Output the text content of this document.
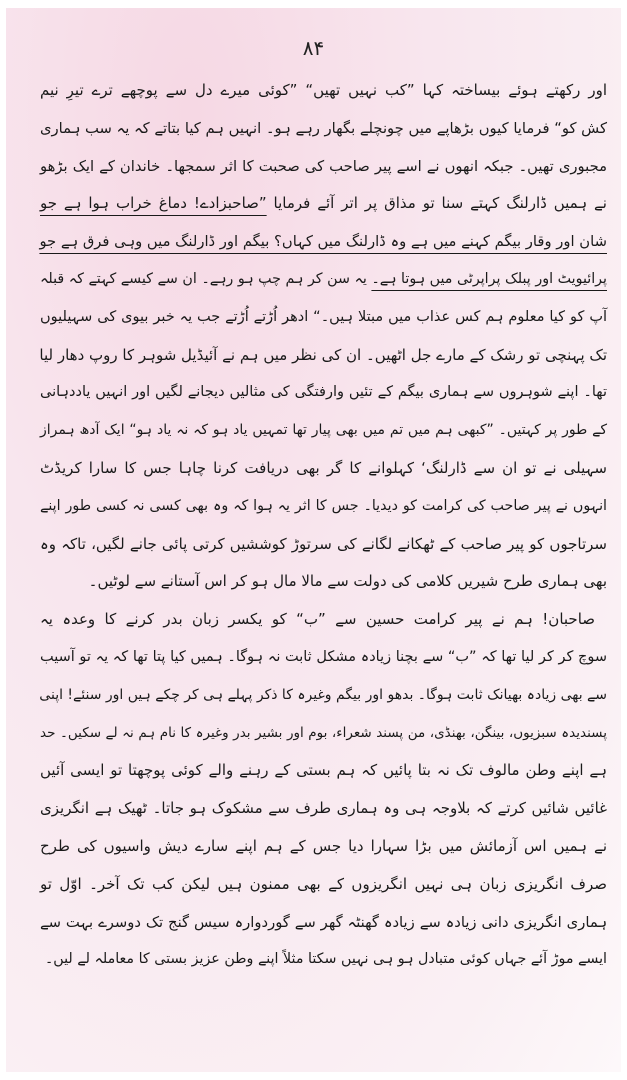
۸۴
اور رکھتے ہوئے بیساختہ کہا ”کب نہیں تھیں“ ”کوئی میرے دل سے پوچھے ترے تیرِ نیم
کش کو“ فرمایا کیوں بڑھاپے میں چونچلے بگھار رہے ہو۔ انہیں ہم کیا بتاتے کہ یہ سب ہماری
مجبوری تھیں۔ جبکہ انھوں نے اسے پیر صاحب کی صحبت کا اثر سمجھا۔ خاندان کے ایک بڑھو
نے ہمیں ڈارلنگ کہتے سنا تو مذاق پر اتر آئے فرمایا ”صاحبزادے! دماغ خراب ہوا ہے جو
شان اور وقار بیگم کہنے میں ہے وہ ڈارلنگ میں کہاں؟ بیگم اور ڈارلنگ میں وہی فرق ہے جو
پرائیویٹ اور پبلک پراپرٹی میں ہوتا ہے۔ یہ سن کر ہم چپ ہو رہے۔ ان سے کیسے کہتے کہ قبلہ
آپ کو کیا معلوم ہم کس عذاب میں مبتلا ہیں۔“ ادھر اُڑتے اُڑتے جب یہ خبر بیوی کی سہیلیوں
تک پہنچی تو رشک کے مارے جل اٹھیں۔ ان کی نظر میں ہم نے آئیڈیل شوہر کا روپ دھار لیا
تھا۔ اپنے شوہروں سے ہماری بیگم کے تئیں وارفتگی کی مثالیں دیجانے لگیں اور انہیں یاددہانی
کے طور پر کہتیں۔ ”کبھی ہم میں تم میں بھی پیار تھا تمہیں یاد ہو کہ نہ یاد ہو“ ایک آدھ ہمراز
سہیلی نے تو ان سے ڈارلنگ‘ کہلوانے کا گر بھی دریافت کرنا چاہا جس کا سارا کریڈٹ
انہوں نے پیر صاحب کی کرامت کو دیدیا۔ جس کا اثر یہ ہوا کہ وہ بھی کسی نہ کسی طور اپنے
سرتاجوں کو پیر صاحب کے ٹھکانے لگانے کی سرتوڑ کوششیں کرتی پائی جانے لگیں، تاکہ وہ
بھی ہماری طرح شیریں کلامی کی دولت سے مالا مال ہو کر اس آستانے سے لوٹیں۔
صاحبان! ہم نے پیر کرامت حسین سے ”ب“ کو یکسر زبان بدر کرنے کا وعدہ یہ
سوچ کر کر لیا تھا کہ ”ب“ سے بچنا زیادہ مشکل ثابت نہ ہوگا۔ ہمیں کیا پتا تھا کہ یہ تو آسیب
سے بھی زیادہ بھیانک ثابت ہوگا۔ بدھو اور بیگم وغیرہ کا ذکر پہلے ہی کر چکے ہیں اور سنئے! اپنی
پسندیدہ سبزیوں، بینگن، بھنڈی، من پسند شعراء، بوم اور بشیر بدر وغیرہ کا نام ہم نہ لے سکیں۔ حد
ہے اپنے وطن مالوف تک نہ بتا پائیں کہ ہم بستی کے رہنے والے کوئی پوچھتا تو ایسی آئیں
غائیں شائیں کرتے کہ بلاوجہ ہی وہ ہماری طرف سے مشکوک ہو جاتا۔ ٹھیک ہے انگریزی
نے ہمیں اس آزمائش میں بڑا سہارا دیا جس کے ہم اپنے سارے دیش واسیوں کی طرح
صرف انگریزی زبان ہی نہیں انگریزوں کے بھی ممنون ہیں لیکن کب تک آخر۔ اوّل تو
ہماری انگریزی دانی زیادہ سے زیادہ گھنٹہ گھر سے گوردوارہ سیس گنج تک دوسرے بہت سے
ایسے موڑ آئے جہاں کوئی متبادل ہو ہی نہیں سکتا مثلاً اپنے وطن عزیز بستی کا معاملہ لے لیں۔
